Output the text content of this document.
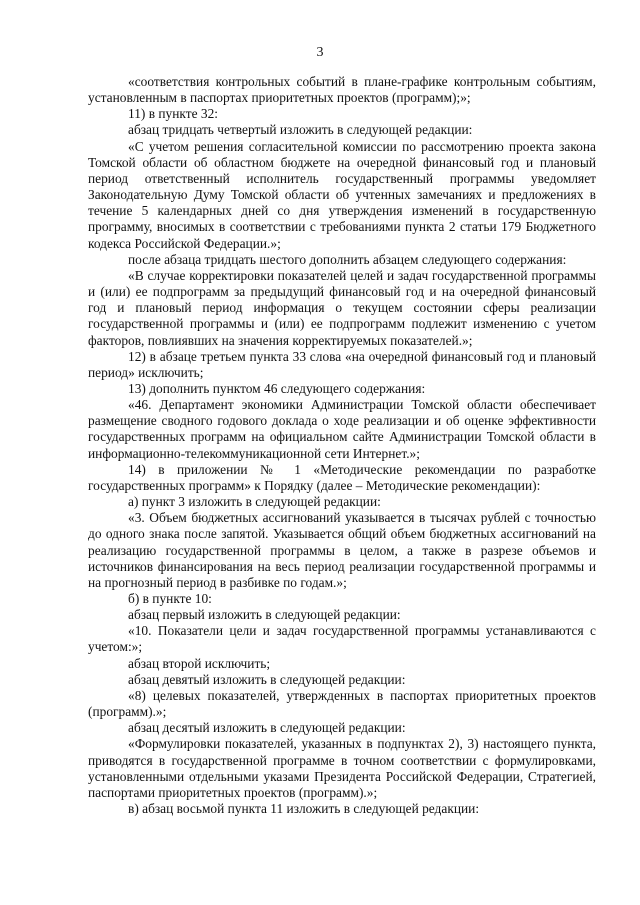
3

«соответствия контрольных событий в плане-графике контрольным событиям, установленным в паспортах приоритетных проектов (программ);»;

11) в пункте 32:

абзац тридцать четвертый изложить в следующей редакции:

«С учетом решения согласительной комиссии по рассмотрению проекта закона Томской области об областном бюджете на очередной финансовый год и плановый период ответственный исполнитель государственный программы уведомляет Законодательную Думу Томской области об учтенных замечаниях и предложениях в течение 5 календарных дней со дня утверждения изменений в государственную программу, вносимых в соответствии с требованиями пункта 2 статьи 179 Бюджетного кодекса Российской Федерации.»;

после абзаца тридцать шестого дополнить абзацем следующего содержания:

«В случае корректировки показателей целей и задач государственной программы и (или) ее подпрограмм за предыдущий финансовый год и на очередной финансовый год и плановый период информация о текущем состоянии сферы реализации государственной программы и (или) ее подпрограмм подлежит изменению с учетом факторов, повлиявших на значения корректируемых показателей.»;

12) в абзаце третьем пункта 33 слова «на очередной финансовый год и плановый период» исключить;

13) дополнить пунктом 46 следующего содержания:

«46. Департамент экономики Администрации Томской области обеспечивает размещение сводного годового доклада о ходе реализации и об оценке эффективности государственных программ на официальном сайте Администрации Томской области в информационно-телекоммуникационной сети Интернет.»;

14) в приложении № 1 «Методические рекомендации по разработке государственных программ» к Порядку (далее – Методические рекомендации):

а) пункт 3 изложить в следующей редакции:

«3. Объем бюджетных ассигнований указывается в тысячах рублей с точностью до одного знака после запятой. Указывается общий объем бюджетных ассигнований на реализацию государственной программы в целом, а также в разрезе объемов и источников финансирования на весь период реализации государственной программы и на прогнозный период в разбивке по годам.»;

б) в пункте 10:

абзац первый изложить в следующей редакции:

«10. Показатели цели и задач государственной программы устанавливаются с учетом:»;

абзац второй исключить;

абзац девятый изложить в следующей редакции:

«8) целевых показателей, утвержденных в паспортах приоритетных проектов (программ).»;

абзац десятый изложить в следующей редакции:

«Формулировки показателей, указанных в подпунктах 2), 3) настоящего пункта, приводятся в государственной программе в точном соответствии с формулировками, установленными отдельными указами Президента Российской Федерации, Стратегией, паспортами приоритетных проектов (программ).»;

в) абзац восьмой пункта 11 изложить в следующей редакции:
